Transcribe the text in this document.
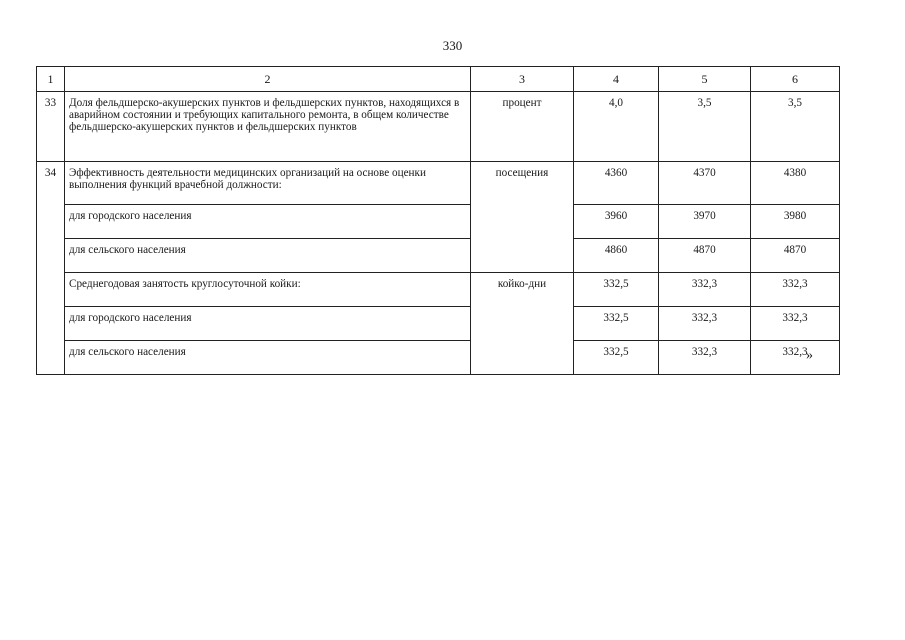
330
1	2	3	4	5	6
33	Доля фельдшерско-акушерских пунктов и фельдшерских пунктов, находящихся в аварийном состоянии и требующих капитального ремонта, в общем количестве фельдшерско-акушерских пунктов и фельдшерских пунктов	процент	4,0	3,5	3,5
34	Эффективность деятельности медицинских организаций на основе оценки выполнения функций врачебной должности:	посещения	4360	4370	4380
	для городского населения		3960	3970	3980
	для сельского населения		4860	4870	4870
	Среднегодовая занятость круглосуточной койки:	койко-дни	332,5	332,3	332,3
	для городского населения		332,5	332,3	332,3
	для сельского населения		332,5	332,3	332,3
»
